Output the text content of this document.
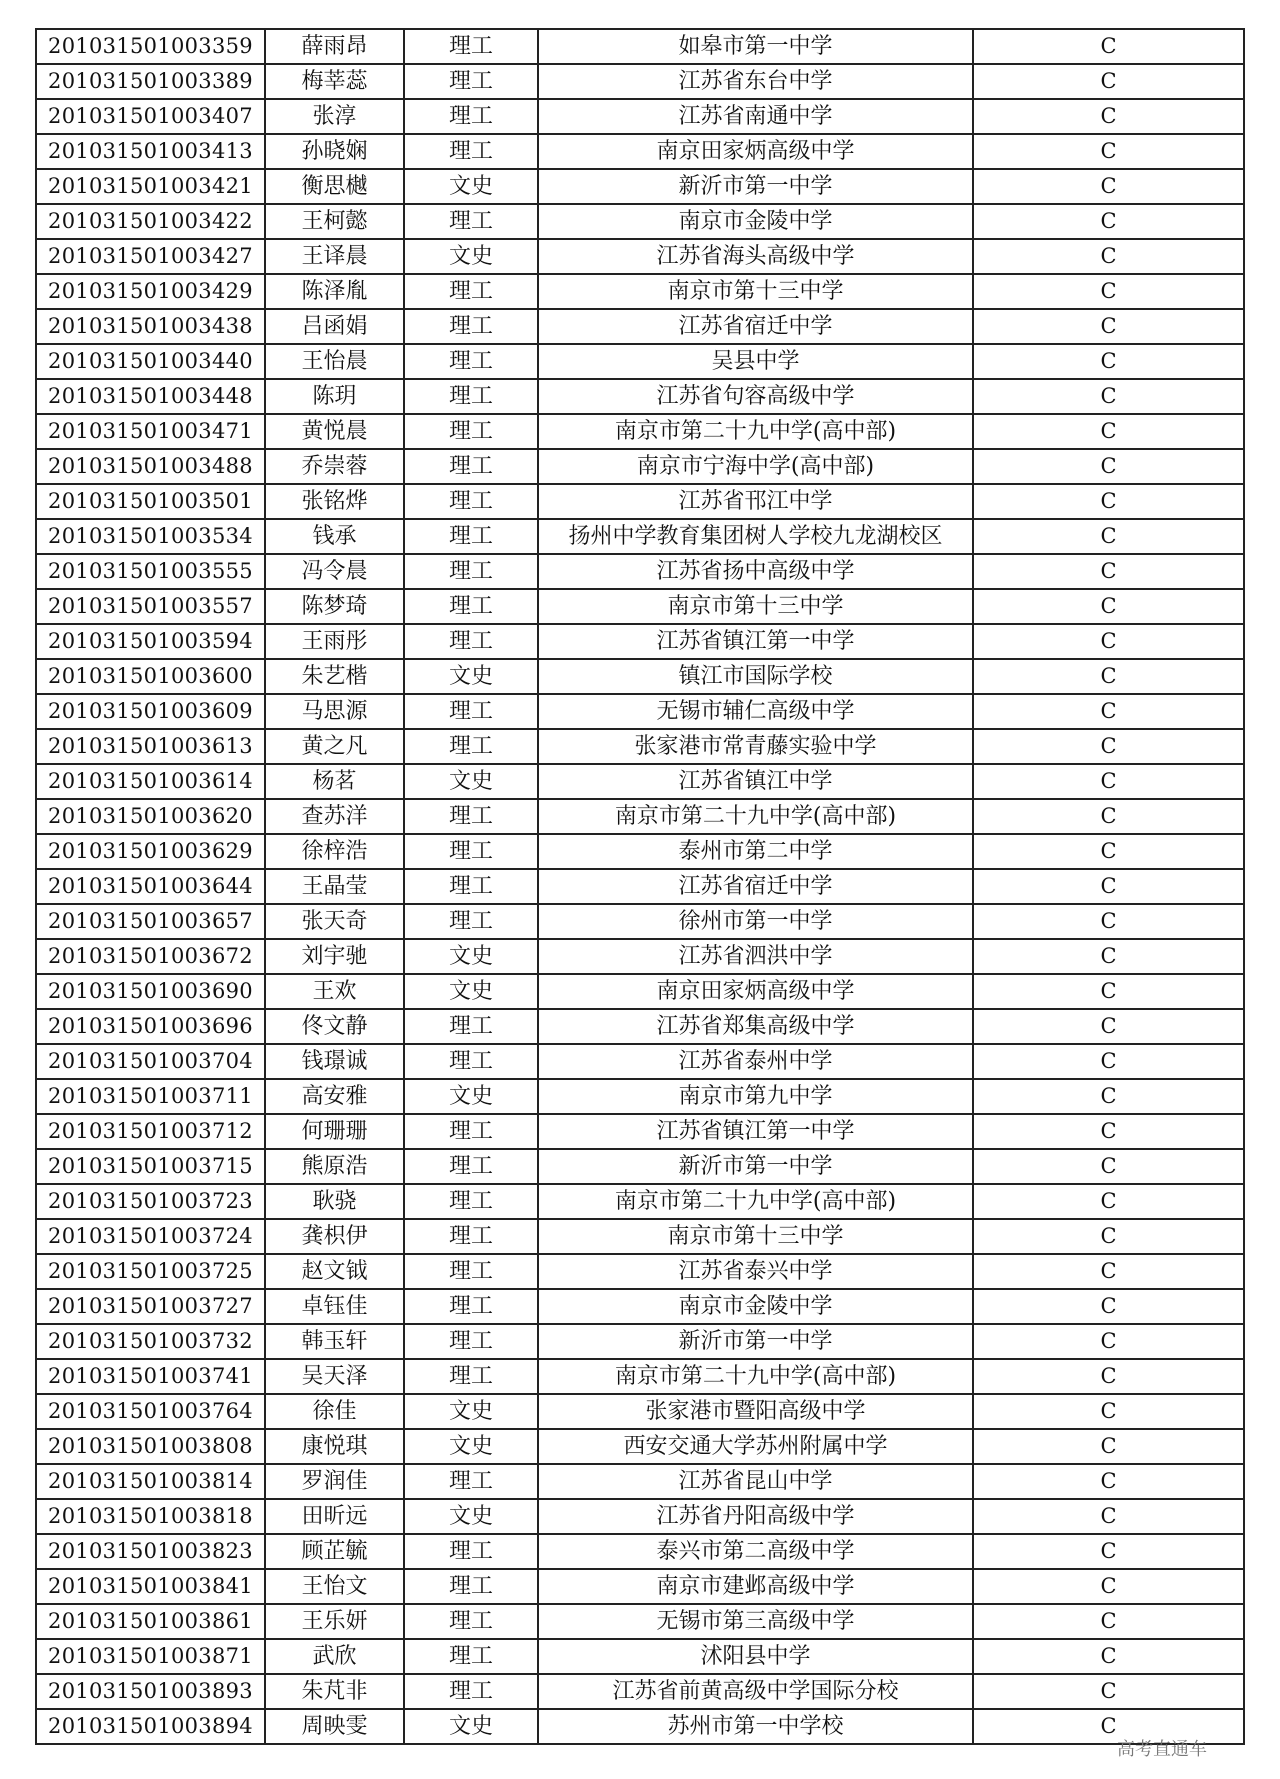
201031501003359	薛雨昂	理工	如皋市第一中学	C
201031501003389	梅莘蕊	理工	江苏省东台中学	C
201031501003407	张淳	理工	江苏省南通中学	C
201031501003413	孙晓娴	理工	南京田家炳高级中学	C
201031501003421	衡思樾	文史	新沂市第一中学	C
201031501003422	王柯懿	理工	南京市金陵中学	C
201031501003427	王译晨	文史	江苏省海头高级中学	C
201031501003429	陈泽胤	理工	南京市第十三中学	C
201031501003438	吕函娟	理工	江苏省宿迁中学	C
201031501003440	王怡晨	理工	吴县中学	C
201031501003448	陈玥	理工	江苏省句容高级中学	C
201031501003471	黄悦晨	理工	南京市第二十九中学(高中部)	C
201031501003488	乔崇蓉	理工	南京市宁海中学(高中部)	C
201031501003501	张铭烨	理工	江苏省邗江中学	C
201031501003534	钱承	理工	扬州中学教育集团树人学校九龙湖校区	C
201031501003555	冯令晨	理工	江苏省扬中高级中学	C
201031501003557	陈梦琦	理工	南京市第十三中学	C
201031501003594	王雨彤	理工	江苏省镇江第一中学	C
201031501003600	朱艺楷	文史	镇江市国际学校	C
201031501003609	马思源	理工	无锡市辅仁高级中学	C
201031501003613	黄之凡	理工	张家港市常青藤实验中学	C
201031501003614	杨茗	文史	江苏省镇江中学	C
201031501003620	查苏洋	理工	南京市第二十九中学(高中部)	C
201031501003629	徐梓浩	理工	泰州市第二中学	C
201031501003644	王晶莹	理工	江苏省宿迁中学	C
201031501003657	张天奇	理工	徐州市第一中学	C
201031501003672	刘宇驰	文史	江苏省泗洪中学	C
201031501003690	王欢	文史	南京田家炳高级中学	C
201031501003696	佟文静	理工	江苏省郑集高级中学	C
201031501003704	钱璟诚	理工	江苏省泰州中学	C
201031501003711	高安雅	文史	南京市第九中学	C
201031501003712	何珊珊	理工	江苏省镇江第一中学	C
201031501003715	熊原浩	理工	新沂市第一中学	C
201031501003723	耿骁	理工	南京市第二十九中学(高中部)	C
201031501003724	龚枳伊	理工	南京市第十三中学	C
201031501003725	赵文钺	理工	江苏省泰兴中学	C
201031501003727	卓钰佳	理工	南京市金陵中学	C
201031501003732	韩玉轩	理工	新沂市第一中学	C
201031501003741	吴天泽	理工	南京市第二十九中学(高中部)	C
201031501003764	徐佳	文史	张家港市暨阳高级中学	C
201031501003808	康悦琪	文史	西安交通大学苏州附属中学	C
201031501003814	罗润佳	理工	江苏省昆山中学	C
201031501003818	田昕远	文史	江苏省丹阳高级中学	C
201031501003823	顾芷毓	理工	泰兴市第二高级中学	C
201031501003841	王怡文	理工	南京市建邺高级中学	C
201031501003861	王乐妍	理工	无锡市第三高级中学	C
201031501003871	武欣	理工	沭阳县中学	C
201031501003893	朱芃非	理工	江苏省前黄高级中学国际分校	C
201031501003894	周映雯	文史	苏州市第一中学校	C
高考直通车
